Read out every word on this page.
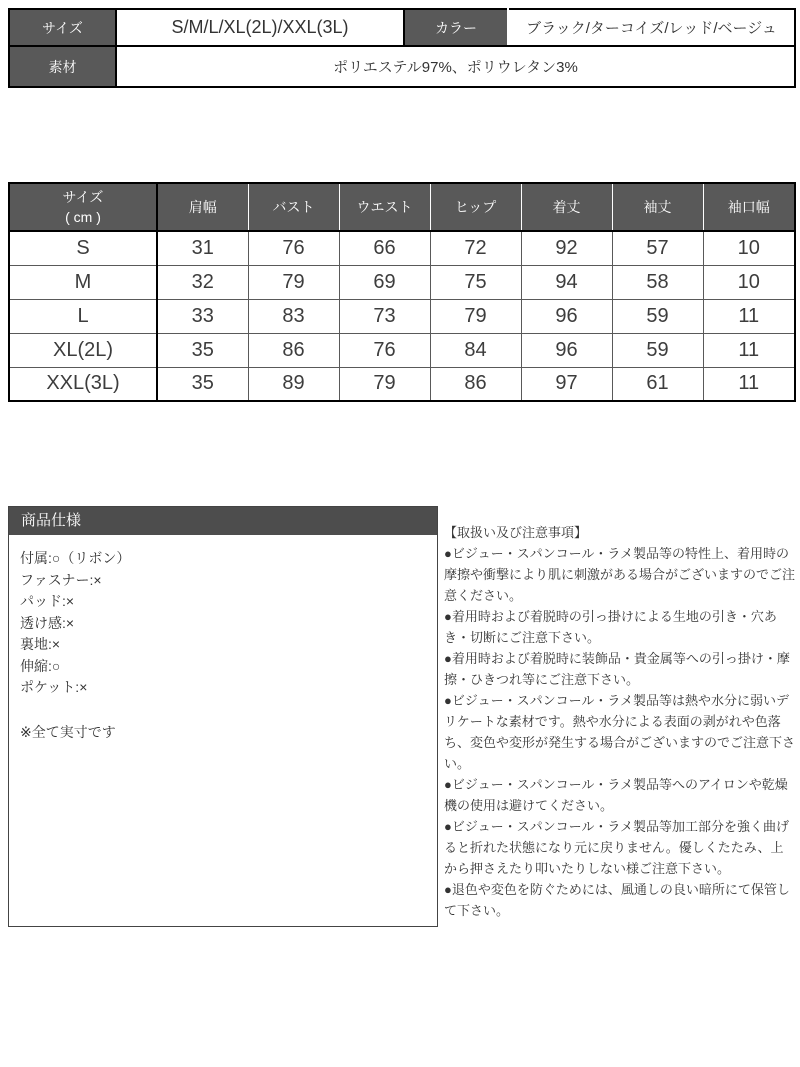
サイズ	S/M/L/XL(2L)/XXL(3L)	カラー	ブラック/ターコイズ/レッド/ベージュ
素材	ポリエステル97%、ポリウレタン3%		
サイズ
( cm )	肩幅	バスト	ウエスト	ヒップ	着丈	袖丈	袖口幅
S	31	76	66	72	92	57	10
M	32	79	69	75	94	58	10
L	33	83	73	79	96	59	11
XL(2L)	35	86	76	84	96	59	11
XXL(3L)	35	89	79	86	97	61	11
商品仕様
付属:○（リボン）
ファスナー:×
パッド:×
透け感:×
裏地:×
伸縮:○
ポケット:×
※全て実寸です
【取扱い及び注意事項】
●ビジュー・スパンコール・ラメ製品等の特性上、着用時の摩擦や衝撃により肌に刺激がある場合がございますのでご注意ください。
●着用時および着脱時の引っ掛けによる生地の引き・穴あき・切断にご注意下さい。
●着用時および着脱時に装飾品・貴金属等への引っ掛け・摩擦・ひきつれ等にご注意下さい。
●ビジュー・スパンコール・ラメ製品等は熱や水分に弱いデリケートな素材です。熱や水分による表面の剥がれや色落ち、変色や変形が発生する場合がございますのでご注意下さい。
●ビジュー・スパンコール・ラメ製品等へのアイロンや乾燥機の使用は避けてください。
●ビジュー・スパンコール・ラメ製品等加工部分を強く曲げると折れた状態になり元に戻りません。優しくたたみ、上から押さえたり叩いたりしない様ご注意下さい。
●退色や変色を防ぐためには、風通しの良い暗所にて保管して下さい。
